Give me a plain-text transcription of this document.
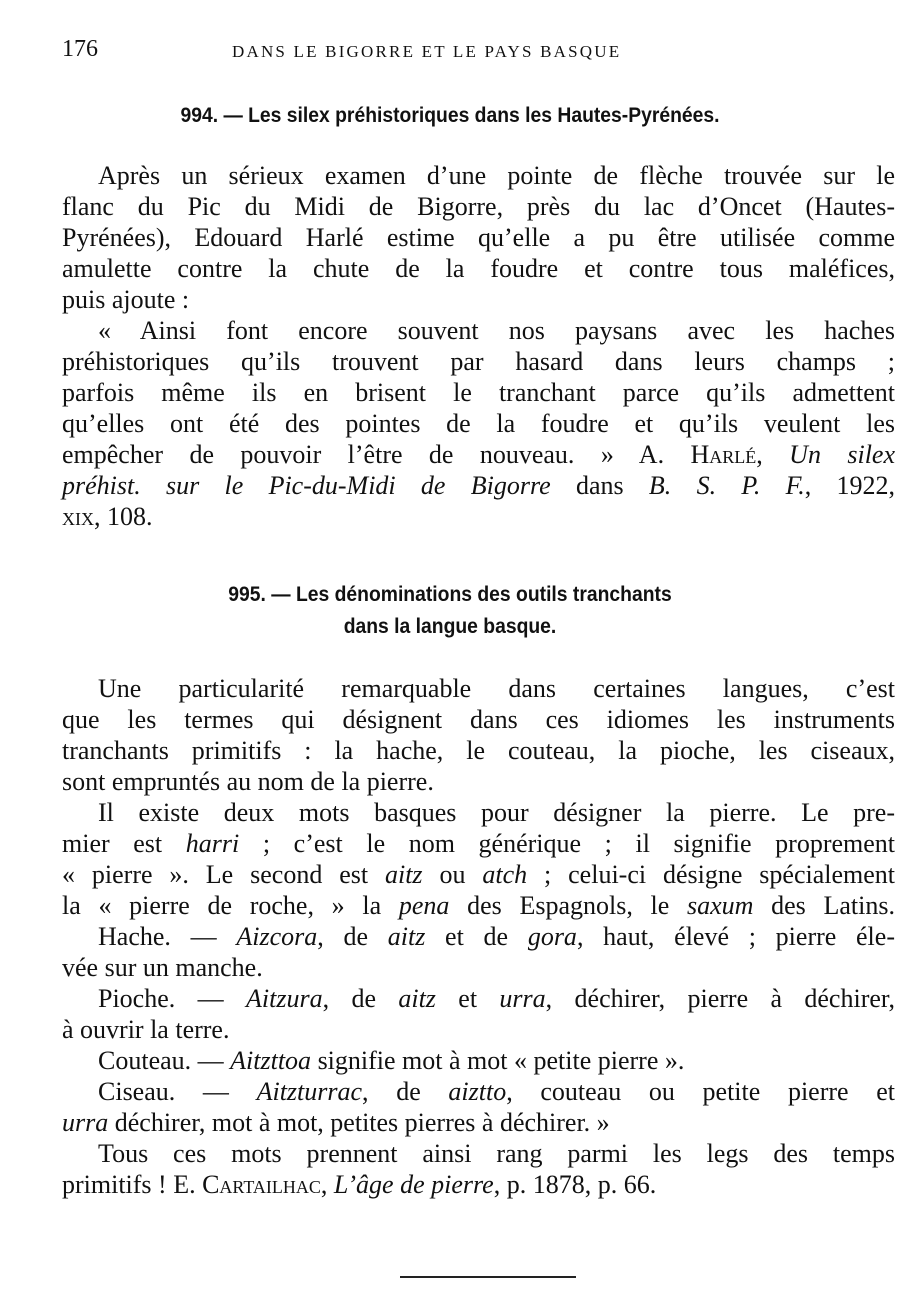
176	DANS LE BIGORRE ET LE PAYS BASQUE
994. — Les silex préhistoriques dans les Hautes-Pyrénées.
Après un sérieux examen d’une pointe de flèche trouvée sur le
flanc du Pic du Midi de Bigorre, près du lac d’Oncet (Hautes-
Pyrénées), Edouard Harlé estime qu’elle a pu être utilisée comme
amulette contre la chute de la foudre et contre tous maléfices,
puis ajoute :
« Ainsi font encore souvent nos paysans avec les haches
préhistoriques qu’ils trouvent par hasard dans leurs champs ;
parfois même ils en brisent le tranchant parce qu’ils admettent
qu’elles ont été des pointes de la foudre et qu’ils veulent les
empêcher de pouvoir l’être de nouveau. » A. Harlé, Un silex
préhist. sur le Pic-du-Midi de Bigorre dans B. S. P. F., 1922,
xix, 108.
995. — Les dénominations des outils tranchants
dans la langue basque.
Une particularité remarquable dans certaines langues, c’est
que les termes qui désignent dans ces idiomes les instruments
tranchants primitifs : la hache, le couteau, la pioche, les ciseaux,
sont empruntés au nom de la pierre.
Il existe deux mots basques pour désigner la pierre. Le pre-
mier est harri ; c’est le nom générique ; il signifie proprement
« pierre ». Le second est aitz ou atch ; celui-ci désigne spécialement
la « pierre de roche, » la pena des Espagnols, le saxum des Latins.
Hache. — Aizcora, de aitz et de gora, haut, élevé ; pierre éle-
vée sur un manche.
Pioche. — Aitzura, de aitz et urra, déchirer, pierre à déchirer,
à ouvrir la terre.
Couteau. — Aitzttoa signifie mot à mot « petite pierre ».
Ciseau. — Aitzturrac, de aiztto, couteau ou petite pierre et
urra déchirer, mot à mot, petites pierres à déchirer. »
Tous ces mots prennent ainsi rang parmi les legs des temps
primitifs ! E. Cartailhac, L’âge de pierre, p. 1878, p. 66.
